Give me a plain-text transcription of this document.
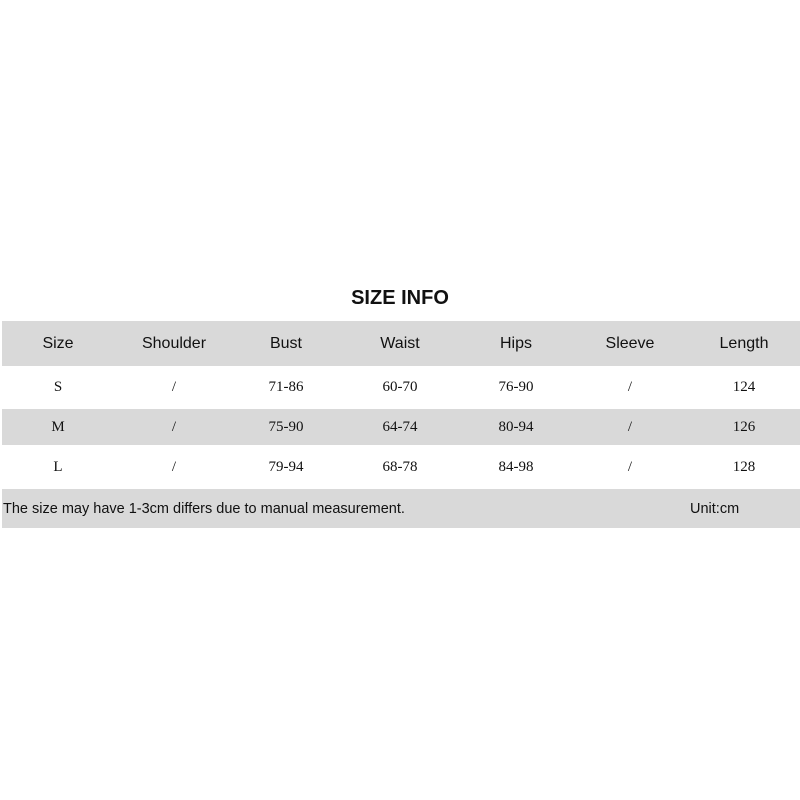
SIZE INFO
Size	Shoulder	Bust	Waist	Hips	Sleeve	Length
S	/	71-86	60-70	76-90	/	124
M	/	75-90	64-74	80-94	/	126
L	/	79-94	68-78	84-98	/	128
The size may have 1-3cm differs due to manual measurement.	Unit:cm
